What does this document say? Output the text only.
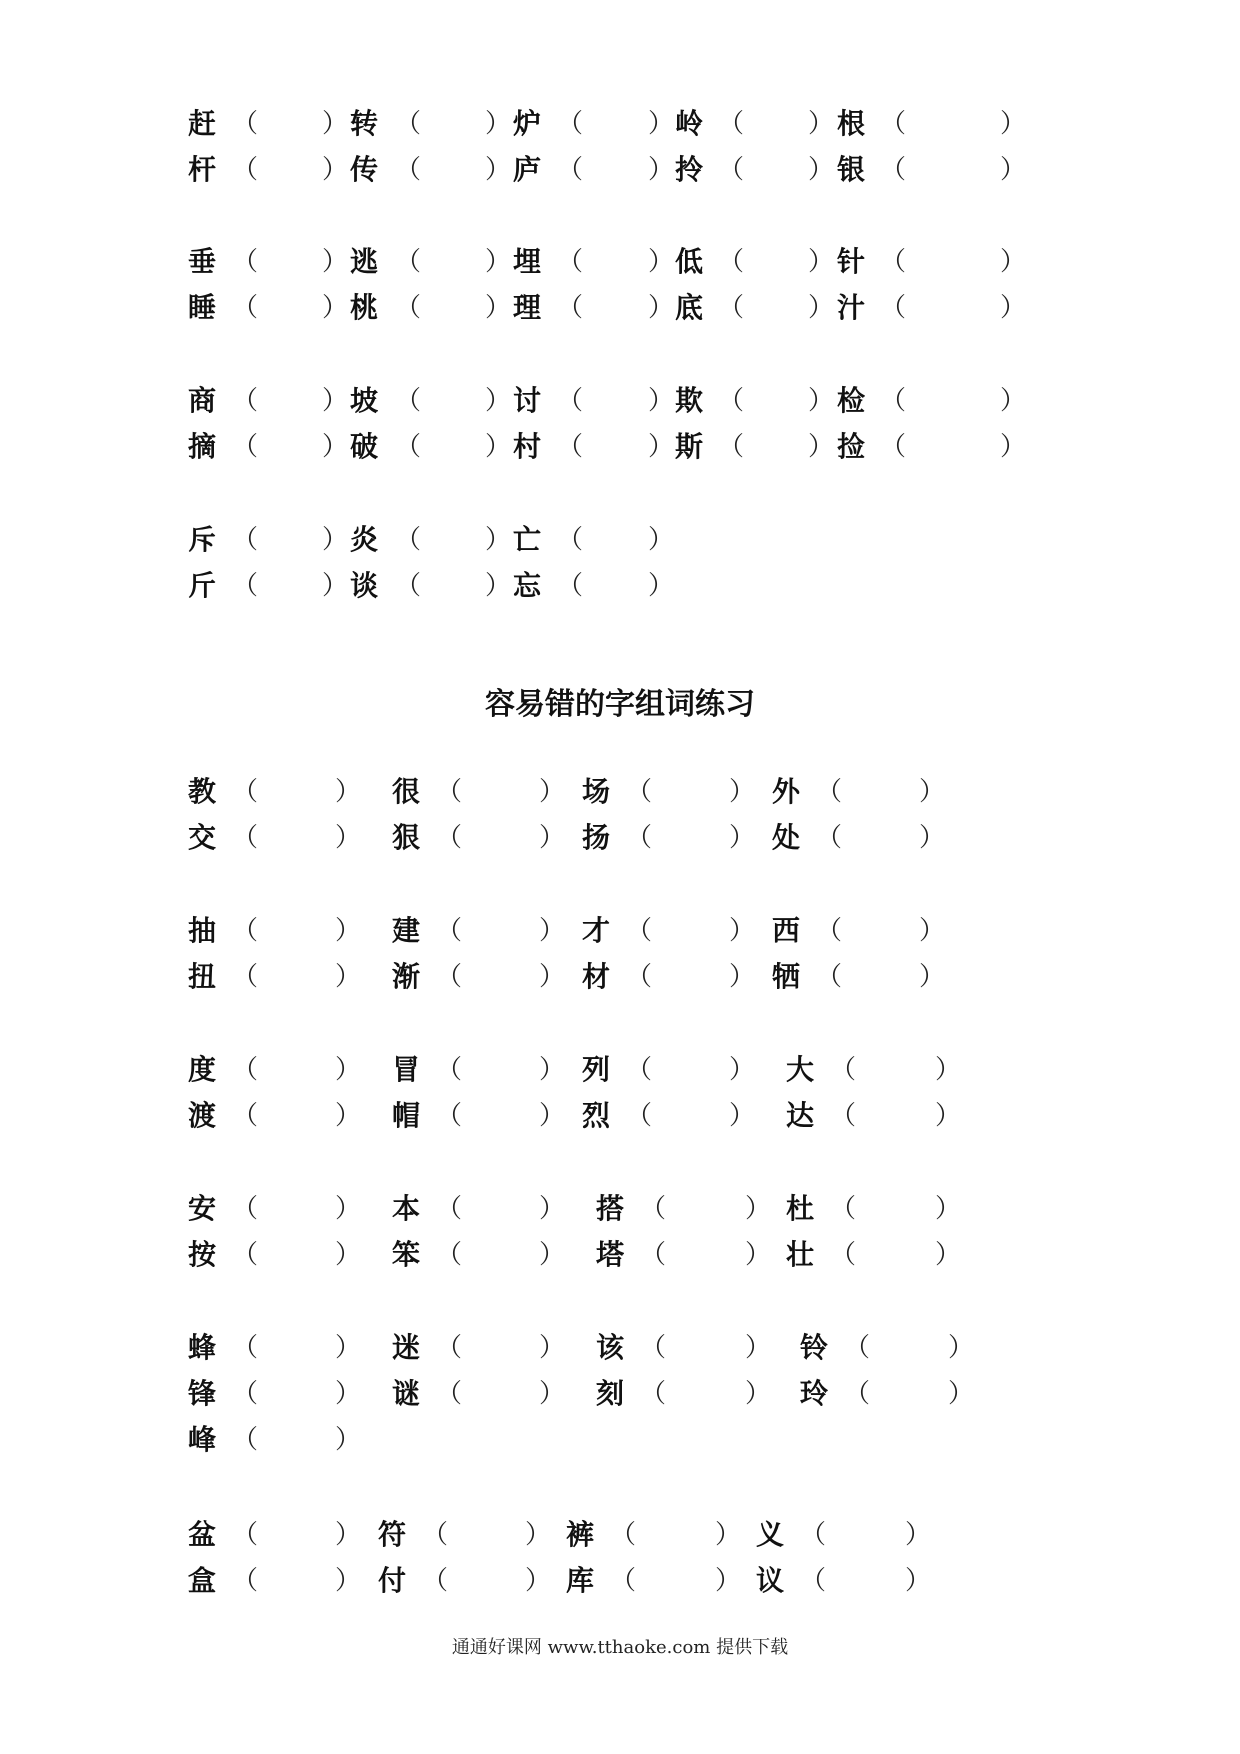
赶 （ ） 转 （ ） 炉 （ ） 岭 （ ） 根 （	）
杆 （ ） 传 （ ） 庐 （ ） 拎 （ ） 银 （	）
垂 （ ） 逃 （ ） 埋 （ ） 低 （ ） 针 （	）
睡 （ ） 桃 （ ） 理 （ ） 底 （ ） 汁 （	）
商 （ ） 坡 （ ） 讨 （ ） 欺 （ ） 检 （	）
摘 （ ） 破 （ ） 村 （ ） 斯 （ ） 捡 （	）
斥 （ ） 炎 （ ） 亡 （ ）
斤 （ ） 谈 （ ） 忘 （ ）
容易错的字组词练习
教 （	） 很 （	） 场 （	） 外 （	）
交 （	） 狠 （	） 扬 （	） 处 （	）
抽 （	） 建 （	） 才 （	） 西 （	）
扭 （	） 渐 （	） 材 （	） 牺 （	）
度 （	） 冒 （	） 列 （	） 大 （	）
渡 （	） 帽 （	） 烈 （	） 达 （	）
安 （	） 本 （	） 搭 （	） 杜 （	）
按 （	） 笨 （	） 塔 （	） 壮 （	）
蜂 （	） 迷 （	） 该 （	） 铃 （	）
锋 （	） 谜 （	） 刻 （	） 玲 （	）
峰 （	）
盆 （	） 符 （	） 裤 （	） 义 （	）
盒 （	） 付 （	） 库 （	） 议 （	）
通通好课网 www.tthaoke.com 提供下载
